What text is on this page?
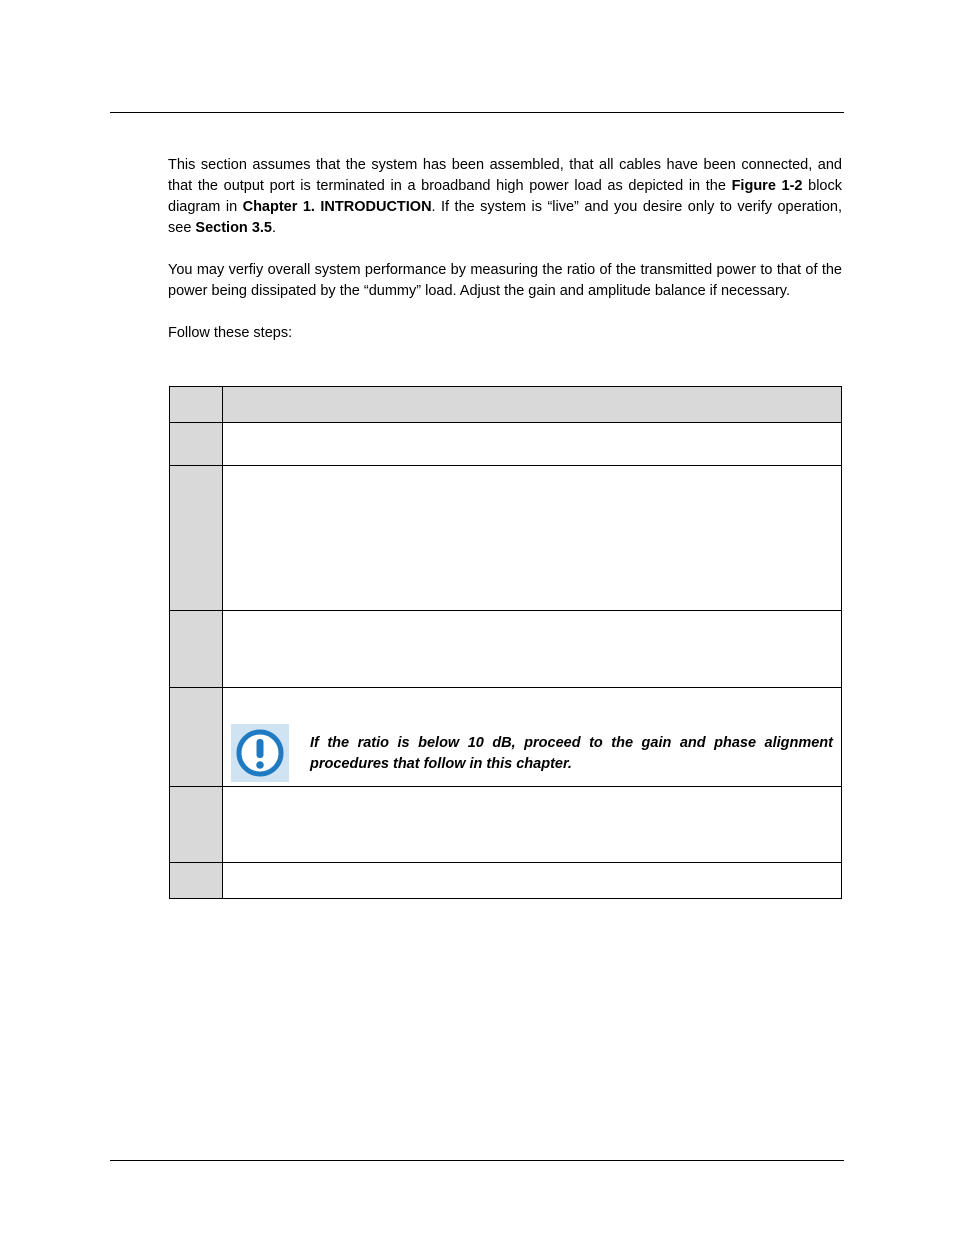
This section assumes that the system has been assembled, that all cables have been connected, and that the output port is terminated in a broadband high power load as depicted in the Figure 1-2 block diagram in Chapter 1. INTRODUCTION. If the system is “live” and you desire only to verify operation, see Section 3.5.

You may verfiy overall system performance by measuring the ratio of the transmitted power to that of the power being dissipated by the “dummy” load. Adjust the gain and amplitude balance if necessary.

Follow these steps:

	If the ratio is below 10 dB, proceed to the gain and phase alignment procedures that follow in this chapter.
